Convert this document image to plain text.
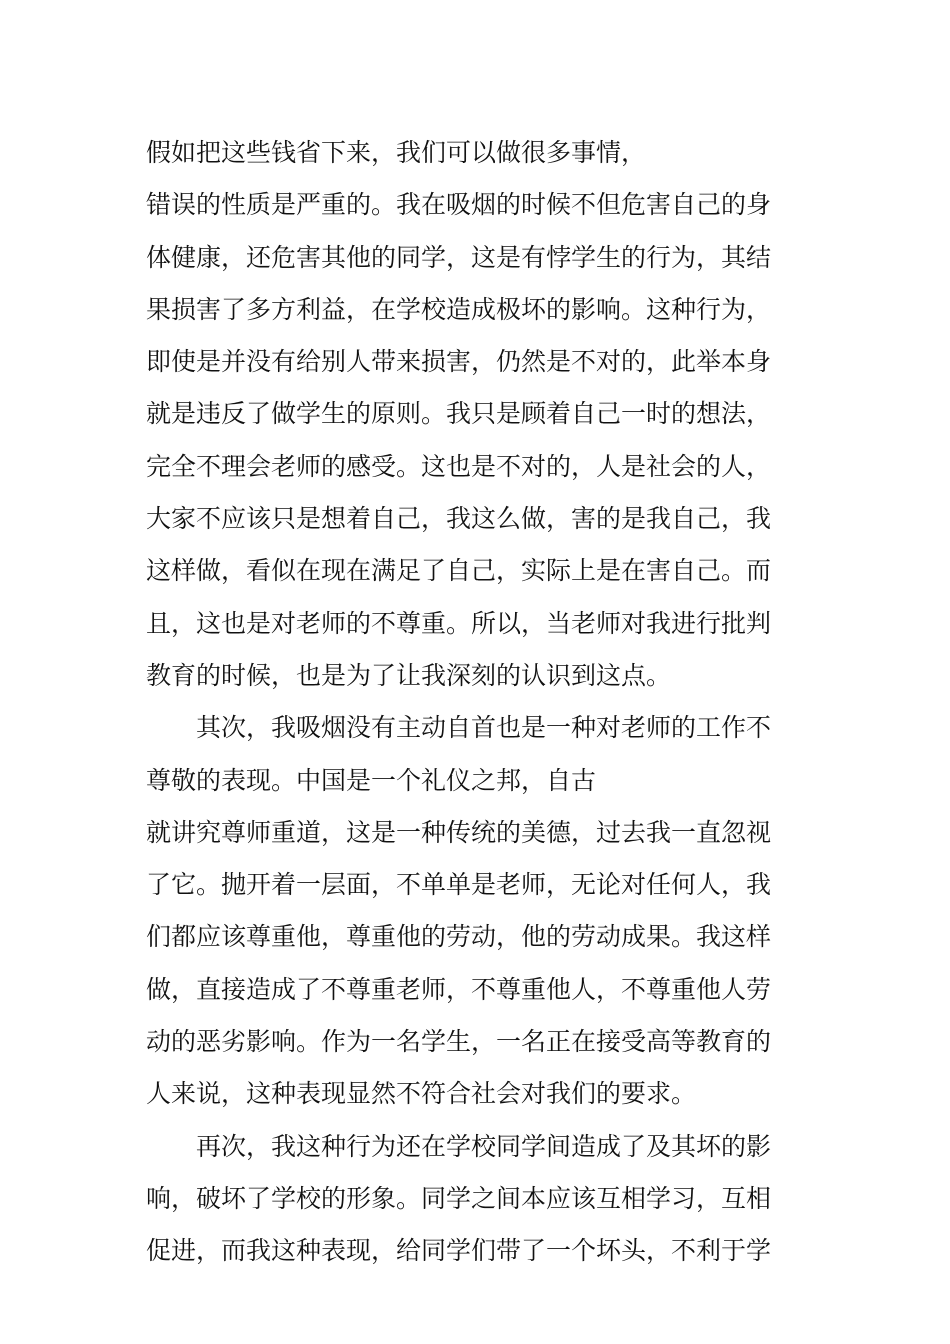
假如把这些钱省下来，我们可以做很多事情，
错误的性质是严重的。我在吸烟的时候不但危害自己的身
体健康，还危害其他的同学，这是有悖学生的行为，其结
果损害了多方利益，在学校造成极坏的影响。这种行为，
即使是并没有给别人带来损害，仍然是不对的，此举本身
就是违反了做学生的原则。我只是顾着自己一时的想法，
完全不理会老师的感受。这也是不对的，人是社会的人，
大家不应该只是想着自己，我这么做，害的是我自己，我
这样做，看似在现在满足了自己，实际上是在害自己。而
且，这也是对老师的不尊重。所以，当老师对我进行批判
教育的时候，也是为了让我深刻的认识到这点。
　　其次，我吸烟没有主动自首也是一种对老师的工作不
尊敬的表现。中国是一个礼仪之邦，自古
就讲究尊师重道，这是一种传统的美德，过去我一直忽视
了它。抛开着一层面，不单单是老师，无论对任何人，我
们都应该尊重他，尊重他的劳动，他的劳动成果。我这样
做，直接造成了不尊重老师，不尊重他人，不尊重他人劳
动的恶劣影响。作为一名学生，一名正在接受高等教育的
人来说，这种表现显然不符合社会对我们的要求。
　　再次，我这种行为还在学校同学间造成了及其坏的影
响，破坏了学校的形象。同学之间本应该互相学习，互相
促进，而我这种表现，给同学们带了一个坏头，不利于学
